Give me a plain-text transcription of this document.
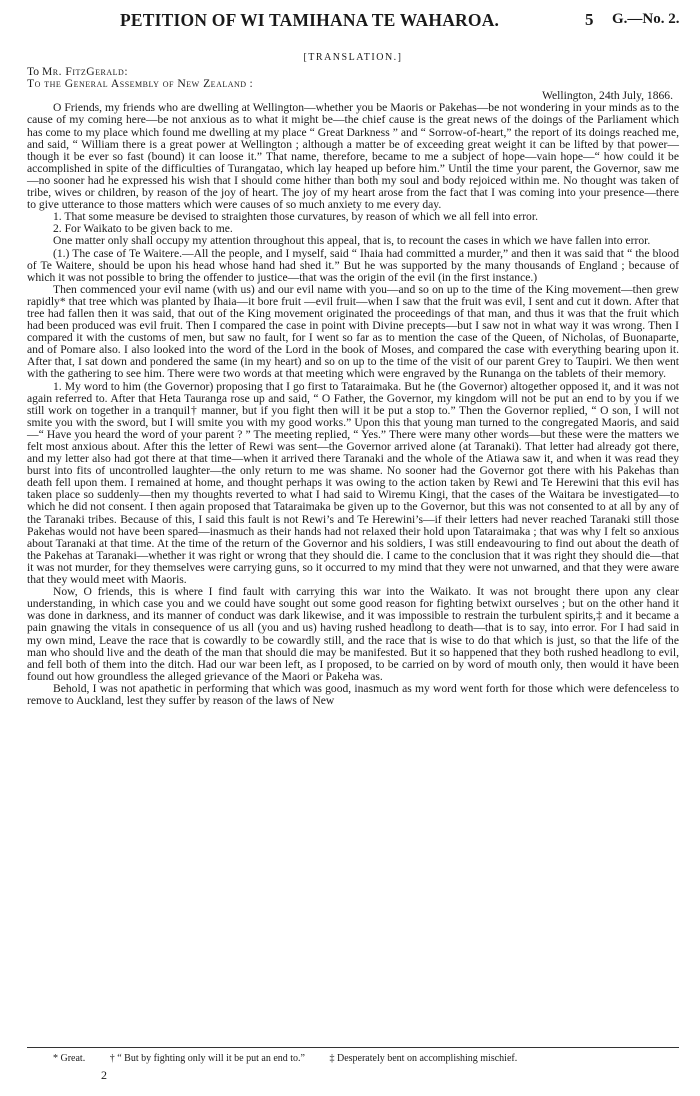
PETITION OF WI TAMIHANA TE WAHAROA.	5 G.—No. 2.
[TRANSLATION.]
To Mr. FitzGerald:
To the General Assembly of New Zealand :
Wellington, 24th July, 1866.

O Friends, my friends who are dwelling at Wellington—whether you be Maoris or Pakehas—be not wondering in your minds as to the cause of my coming here—be not anxious as to what it might be—the chief cause is the great news of the doings of the Parliament which has come to my place which found me dwelling at my place “ Great Darkness ” and “ Sorrow-of-heart,” the report of its doings reached me, and said, “ William there is a great power at Wellington ; although a matter be of exceeding great weight it can be lifted by that power—though it be ever so fast (bound) it can loose it.” That name, therefore, became to me a subject of hope—vain hope—“ how could it be accomplished in spite of the difficulties of Turangatao, which lay heaped up before him.” Until the time your parent, the Governor, saw me—no sooner had he expressed his wish that I should come hither than both my soul and body rejoiced within me. No thought was taken of tribe, wives or children, by reason of the joy of heart. The joy of my heart arose from the fact that I was coming into your presence—there to give utterance to those matters which were causes of so much anxiety to me every day.

1. That some measure be devised to straighten those curvatures, by reason of which we all fell into error.

2. For Waikato to be given back to me.

One matter only shall occupy my attention throughout this appeal, that is, to recount the cases in which we have fallen into error.

(1.) The case of Te Waitere.—All the people, and I myself, said “ Ihaia had committed a murder,” and then it was said that “ the blood of Te Waitere, should be upon his head whose hand had shed it.” But he was supported by the many thousands of England ; because of which it was not possible to bring the offender to justice—that was the origin of the evil (in the first instance.)

Then commenced your evil name (with us) and our evil name with you—and so on up to the time of the King movement—then grew rapidly* that tree which was planted by Ihaia—it bore fruit —evil fruit—when I saw that the fruit was evil, I sent and cut it down. After that tree had fallen then it was said, that out of the King movement originated the proceedings of that man, and thus it was that the fruit which had been produced was evil fruit. Then I compared the case in point with Divine precepts—but I saw not in what way it was wrong. Then I compared it with the customs of men, but saw no fault, for I went so far as to mention the case of the Queen, of Nicholas, of Buonaparte, and of Pomare also. I also looked into the word of the Lord in the book of Moses, and compared the case with everything bearing upon it. After that, I sat down and pondered the same (in my heart) and so on up to the time of the visit of our parent Grey to Taupiri. We then went with the gathering to see him. There were two words at that meeting which were engraved by the Runanga on the tablets of their memory.

1. My word to him (the Governor) proposing that I go first to Tataraimaka. But he (the Governor) altogether opposed it, and it was not again referred to. After that Heta Tauranga rose up and said, “ O Father, the Governor, my kingdom will not be put an end to by you if we still work on together in a tranquil† manner, but if you fight then will it be put a stop to.” Then the Governor replied, “ O son, I will not smite you with the sword, but I will smite you with my good works.” Upon this that young man turned to the congregated Maoris, and said—“ Have you heard the word of your parent ? ” The meeting replied, “ Yes.” There were many other words—but these were the matters we felt most anxious about. After this the letter of Rewi was sent—the Governor arrived alone (at Taranaki). That letter had already got there, and my letter also had got there at that time—when it arrived there Taranaki and the whole of the Atiawa saw it, and when it was read they burst into fits of uncontrolled laughter—the only return to me was shame. No sooner had the Governor got there with his Pakehas than death fell upon them. I remained at home, and thought perhaps it was owing to the action taken by Rewi and Te Herewini that this evil has taken place so suddenly—then my thoughts reverted to what I had said to Wiremu Kingi, that the cases of the Waitara be investigated—to which he did not consent. I then again proposed that Tataraimaka be given up to the Governor, but this was not consented to at all by any of the Taranaki tribes. Because of this, I said this fault is not Rewi’s and Te Herewini’s—if their letters had never reached Taranaki still those Pakehas would not have been spared—inasmuch as their hands had not relaxed their hold upon Tataraimaka ; that was why I felt so anxious about Taranaki at that time. At the time of the return of the Governor and his soldiers, I was still endeavouring to find out about the death of the Pakehas at Taranaki—whether it was right or wrong that they should die. I came to the conclusion that it was right they should die—that it was not murder, for they themselves were carrying guns, so it occurred to my mind that they were not unwarned, and that they were aware that they would meet with Maoris.

Now, O friends, this is where I find fault with carrying this war into the Waikato. It was not brought there upon any clear understanding, in which case you and we could have sought out some good reason for fighting betwixt ourselves ; but on the other hand it was done in darkness, and its manner of conduct was dark likewise, and it was impossible to restrain the turbulent spirits,‡ and it became a pain gnawing the vitals in consequence of us all (you and us) having rushed headlong to death—that is to say, into error. For I had said in my own mind, Leave the race that is cowardly to be cowardly still, and the race that is wise to do that which is just, so that the life of the man who should live and the death of the man that should die may be manifested. But it so happened that they both rushed headlong to evil, and fell both of them into the ditch. Had our war been left, as I proposed, to be carried on by word of mouth only, then would it have been found out how groundless the alleged grievance of the Maori or Pakeha was.

Behold, I was not apathetic in performing that which was good, inasmuch as my word went forth for those which were defenceless to remove to Auckland, lest they suffer by reason of the laws of New

* Great. † “ But by fighting only will it be put an end to.” ‡ Desperately bent on accomplishing mischief.
2
